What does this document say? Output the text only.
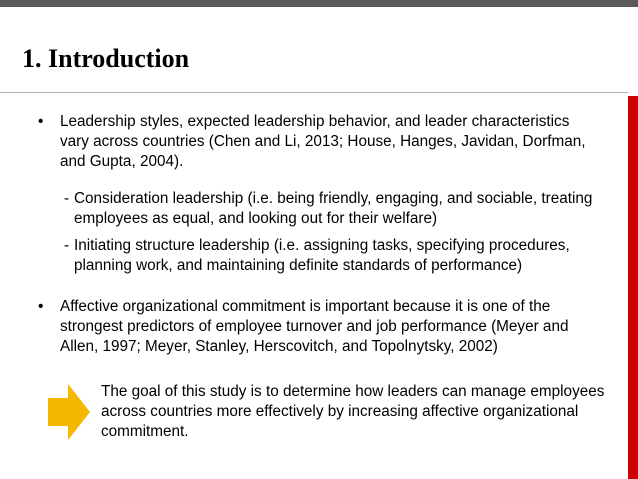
1. Introduction
• Leadership styles, expected leadership behavior, and leader characteristics vary across countries (Chen and Li, 2013; House, Hanges, Javidan, Dorfman, and Gupta, 2004).
- Consideration leadership (i.e. being friendly, engaging, and sociable, treating employees as equal, and looking out for their welfare)
- Initiating structure leadership (i.e. assigning tasks, specifying procedures, planning work, and maintaining definite standards of performance)
• Affective organizational commitment is important because it is one of the strongest predictors of employee turnover and job performance (Meyer and Allen, 1997; Meyer, Stanley, Herscovitch, and Topolnytsky, 2002)
The goal of this study is to determine how leaders can manage employees across countries more effectively by increasing affective organizational commitment.
